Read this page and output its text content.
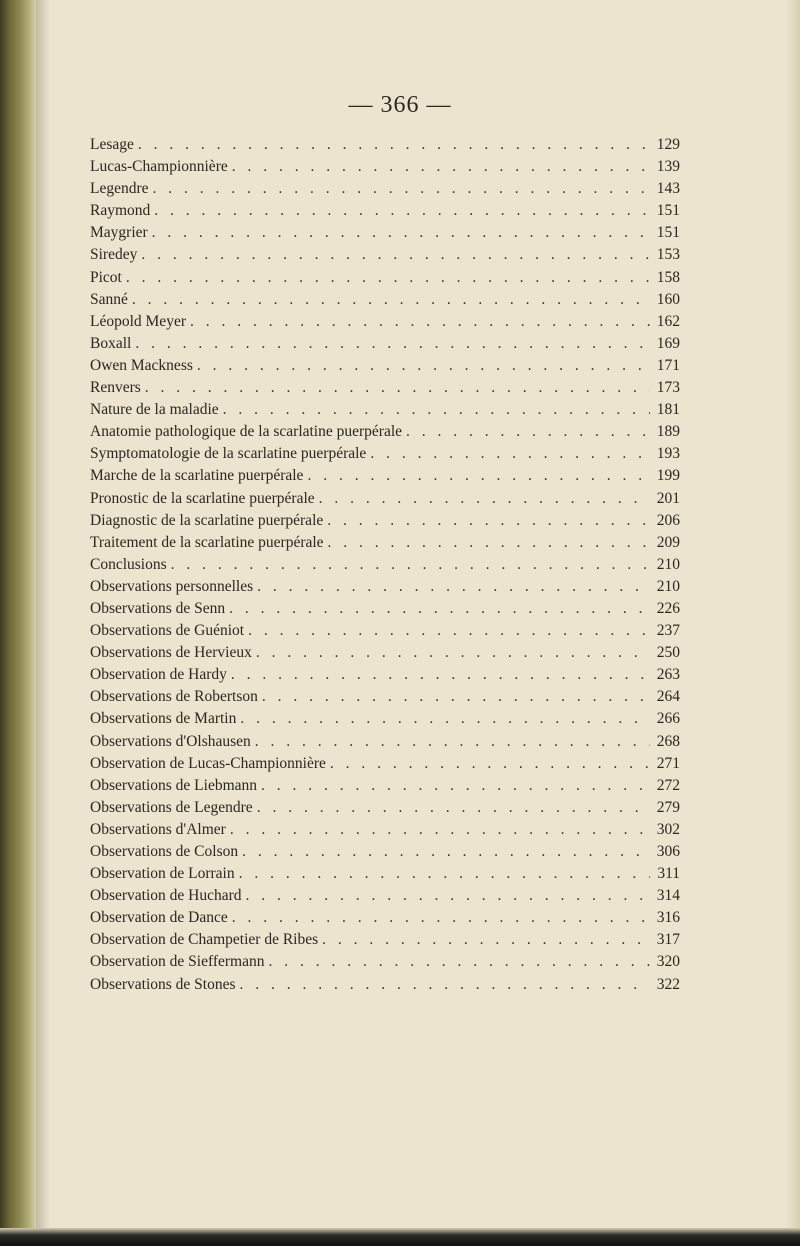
— 366 —
Lesage . . .	129
Lucas-Championnière . . .	139
Legendre . . .	143
Raymond . . .	151
Maygrier . . .	151
Siredey . . .	153
Picot . . .	158
Sanné . . .	160
Léopold Meyer . . .	162
Boxall . . .	169
Owen Mackness . . .	171
Renvers . . .	173
Nature de la maladie . . .	181
Anatomie pathologique de la scarlatine puerpérale . . .	189
Symptomatologie de la scarlatine puerpérale . . .	193
Marche de la scarlatine puerpérale . . .	199
Pronostic de la scarlatine puerpérale . . .	201
Diagnostic de la scarlatine puerpérale . . .	206
Traitement de la scarlatine puerpérale . . .	209
Conclusions . . .	210
Observations personnelles . . .	210
Observations de Senn . . .	226
Observations de Guéniot . . .	237
Observations de Hervieux . . .	250
Observation de Hardy . . .	263
Observations de Robertson . . .	264
Observations de Martin . . .	266
Observations d'Olshausen . . .	268
Observation de Lucas-Championnière . . .	271
Observations de Liebmann . . .	272
Observations de Legendre . . .	279
Observations d'Almer . . .	302
Observations de Colson . . .	306
Observation de Lorrain . . .	311
Observation de Huchard . . .	314
Observation de Dance . . .	316
Observation de Champetier de Ribes . . .	317
Observation de Sieffermann . . .	320
Observations de Stones . . .	322
